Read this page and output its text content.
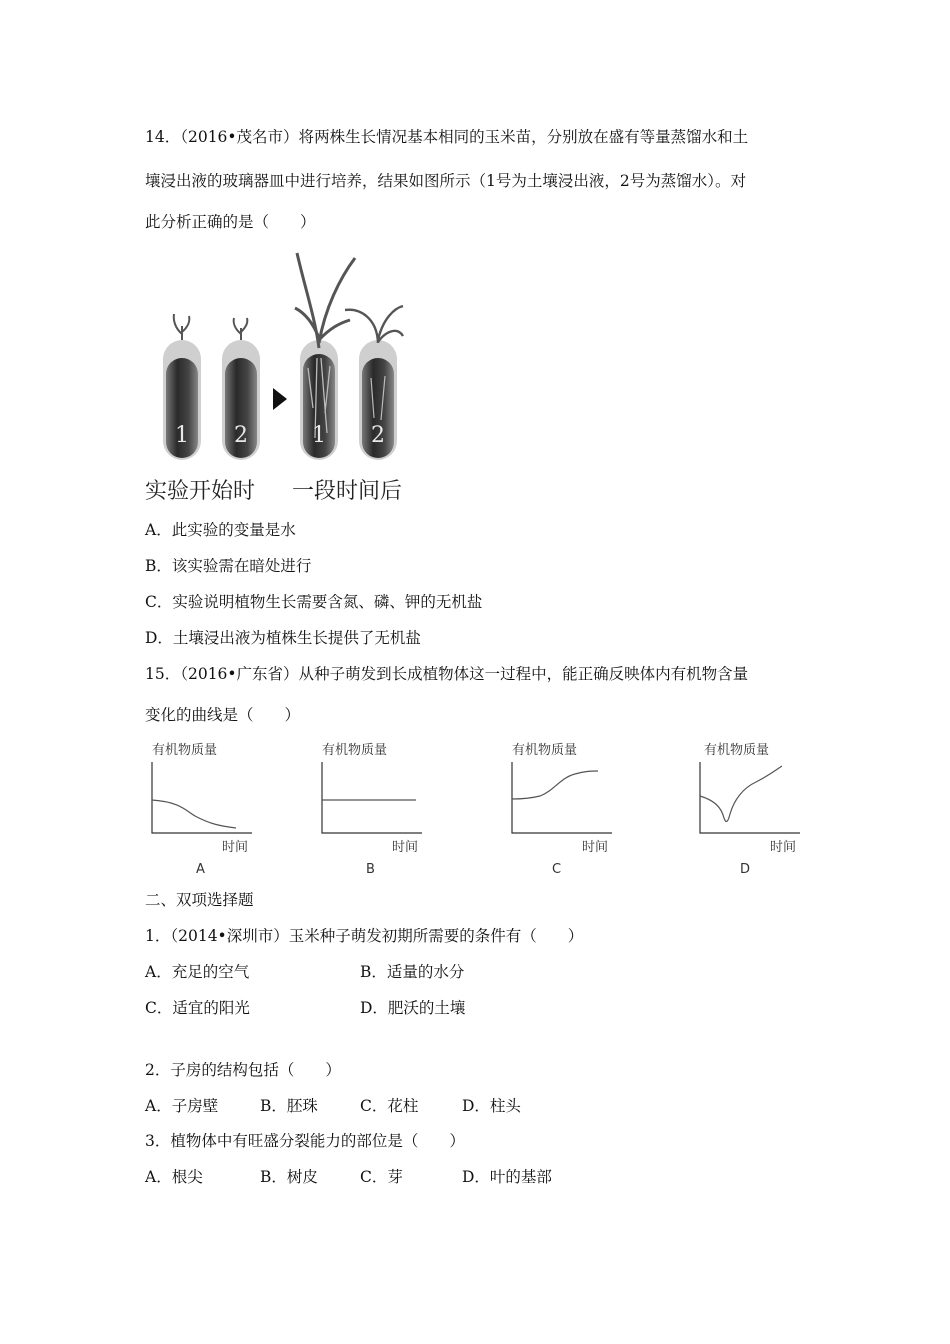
14．（2016•茂名市）将两株生长情况基本相同的玉米苗，分别放在盛有等量蒸馏水和土
壤浸出液的玻璃器皿中进行培养，结果如图所示（1号为土壤浸出液，2号为蒸馏水）。对
此分析正确的是（　　）
1 2	1 2
实验开始时 一段时间后
A．此实验的变量是水
B．该实验需在暗处进行
C．实验说明植物生长需要含氮、磷、钾的无机盐
D．土壤浸出液为植株生长提供了无机盐
15．（2016•广东省）从种子萌发到长成植物体这一过程中，能正确反映体内有机物含量
变化的曲线是（　　）
有机物质量
时间
A
有机物质量
时间
B
有机物质量
时间
C
有机物质量
时间
D
二、双项选择题
1．（2014•深圳市）玉米种子萌发初期所需要的条件有（　　）
A．充足的空气	B．适量的水分
C．适宜的阳光	D．肥沃的土壤
2．子房的结构包括（　　）
A．子房壁	B．胚珠	C．花柱	D．柱头
3．植物体中有旺盛分裂能力的部位是（　　）
A．根尖	B．树皮	C．芽	D．叶的基部
